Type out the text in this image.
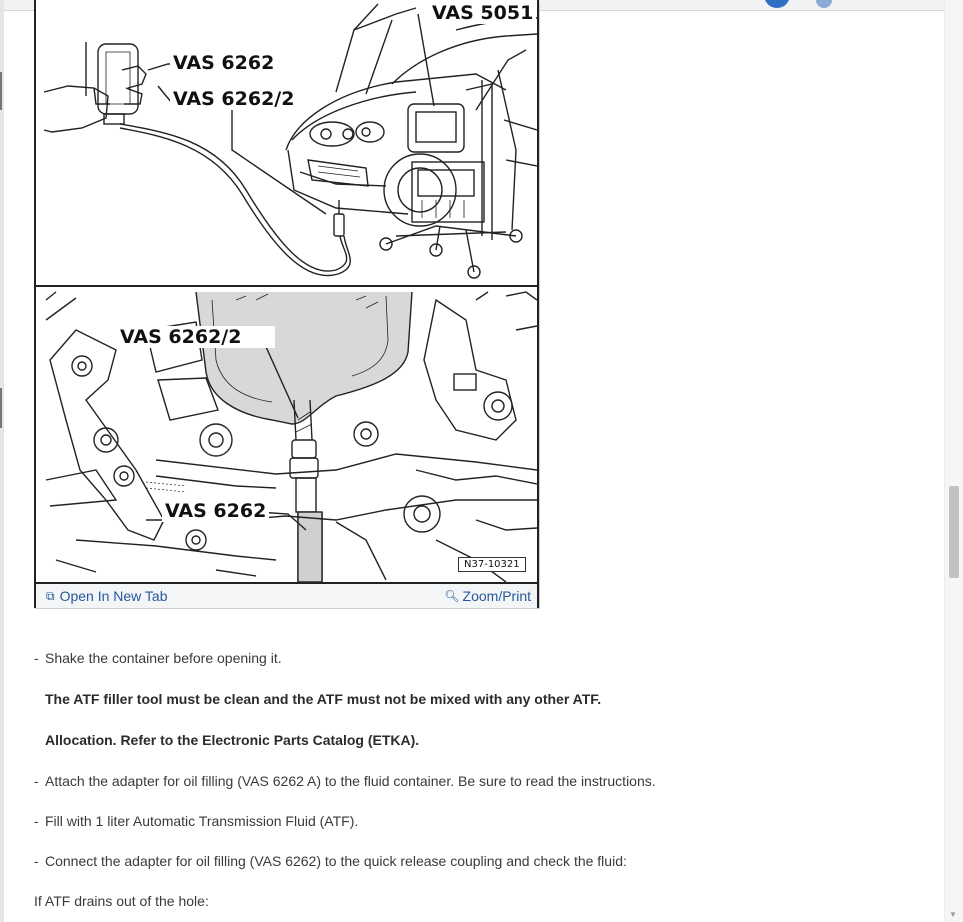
▼
VAS 5051
VAS 6262
VAS 6262/2
VAS 6262/2
VAS 6262
N37-10321
⧉ Open In New Tab	🔍︎ Zoom/Print
- Shake the container before opening it.
The ATF filler tool must be clean and the ATF must not be mixed with any other ATF.
Allocation. Refer to the Electronic Parts Catalog (ETKA).
- Attach the adapter for oil filling (VAS 6262 A) to the fluid container. Be sure to read the instructions.
- Fill with 1 liter Automatic Transmission Fluid (ATF).
- Connect the adapter for oil filling (VAS 6262) to the quick release coupling and check the fluid:
If ATF drains out of the hole:
